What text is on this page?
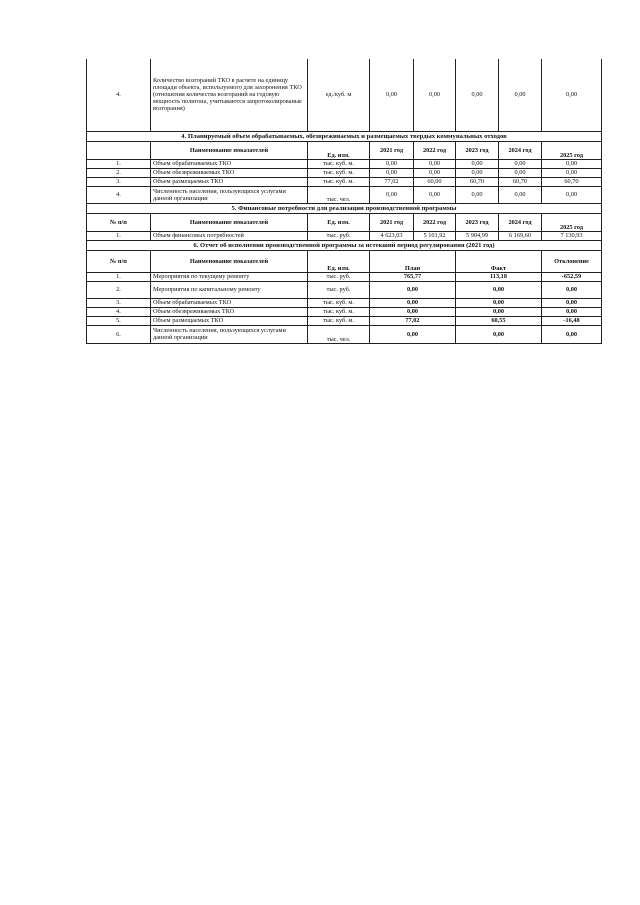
4.	Количество возгораний ТКО в расчете на единицу площади объекта, используемого для захоронения ТКО (отношения количества возгораний на годовую мощность полигона, учитываются запротоколированые возгорания)	ед./куб. м	0,00	0,00	0,00	0,00	0,00
4. Планируемый объем обрабатываемых, обезвреживаемых и размещаемых твердых коммунальных отходов							
	Наименование показателей	Ед. изм.	2021 год	2022 год	2023 год	2024 год	2025 год
1.	Объем обрабатываемых ТКО	тыс. куб. м.	0,00	0,00	0,00	0,00	0,00
2.	Объем обезвреживаемых ТКО	тыс. куб. м.	0,00	0,00	0,00	0,00	0,00
3.	Объем размещаемых ТКО	тыс. куб. м.	77,02	60,00	60,70	60,70	60,70
4.	Численность населения, пользующихся услугами данной организации	тыс. чел.	0,00	0,00	0,00	0,00	0,00
5. Финансовые потребности для реализации производственной программы							
№ п/п	Наименование показателей	Ед. изм.	2021 год	2022 год	2023 год	2024 год	2025 год
1.	Объем финансовых потребностей	тыс. руб.	4 623,03	5 101,92	5 904,99	6 169,60	7 130,93
6. Отчет об исполнении производственной программы за истекший период регулирования (2021 год)							
№ п/п	Наименование показателей	Ед. изм.	План		Факт		Отклонение
1.	Мероприятия по текущему ремонту	тыс. руб.	765,77		113,18		-652,59
2.	Мероприятия по капитальному ремонту	тыс. руб.	0,00		0,00		0,00
3.	Объем обрабатываемых ТКО	тыс. куб. м.	0,00		0,00		0,00
4.	Объем обезвреживаемых ТКО	тыс. куб. м.	0,00		0,00		0,00
5.	Объем размещаемых ТКО	тыс. куб. м.	77,02		60,55		-16,48
6.	Численность населения, пользующихся услугами данной организации	тыс. чел.	0,00		0,00		0,00
